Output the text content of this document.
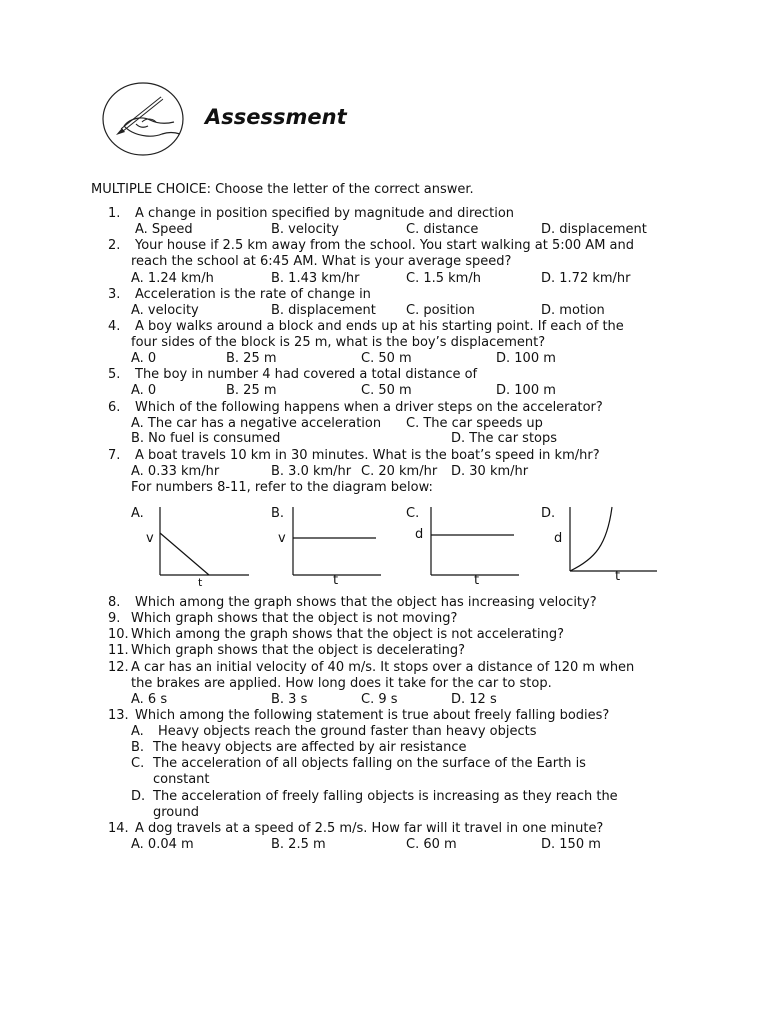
Assessment
MULTIPLE CHOICE: Choose the letter of the correct answer.
1. A change in position specified by magnitude and direction
A. Speed	B. velocity	C. distance	D. displacement
2. Your house if 2.5 km away from the school. You start walking at 5:00 AM and
reach the school at 6:45 AM. What is your average speed?
A. 1.24 km/h	B. 1.43 km/hr	C. 1.5 km/h	D. 1.72 km/hr
3. Acceleration is the rate of change in
A. velocity	B. displacement C. position	D. motion
4. A boy walks around a block and ends up at his starting point. If each of the
four sides of the block is 25 m, what is the boy’s displacement?
A. 0	B. 25 m	C. 50 m	D. 100 m
5. The boy in number 4 had covered a total distance of
A. 0	B. 25 m	C. 50 m	D. 100 m
6. Which of the following happens when a driver steps on the accelerator?
A. The car has a negative acceleration C. The car speeds up
B. No fuel is consumed	D. The car stops
7. A boat travels 10 km in 30 minutes. What is the boat’s speed in km/hr?
A. 0.33 km/hr	B. 3.0 km/hr C. 20 km/hr D. 30 km/hr
For numbers 8-11, refer to the diagram below:
A.	B.	C.	D.
v	v	d	d
t	t	t	t
8. Which among the graph shows that the object has increasing velocity?
9. Which graph shows that the object is not moving?
10. Which among the graph shows that the object is not accelerating?
11. Which graph shows that the object is decelerating?
12. A car has an initial velocity of 40 m/s. It stops over a distance of 120 m when
the brakes are applied. How long does it take for the car to stop.
A. 6 s	B. 3 s	C. 9 s	D. 12 s
13. Which among the following statement is true about freely falling bodies?
A. Heavy objects reach the ground faster than heavy objects
B. The heavy objects are affected by air resistance
C. The acceleration of all objects falling on the surface of the Earth is
constant
D. The acceleration of freely falling objects is increasing as they reach the
ground
14. A dog travels at a speed of 2.5 m/s. How far will it travel in one minute?
A. 0.04 m	B. 2.5 m	C. 60 m	D. 150 m
